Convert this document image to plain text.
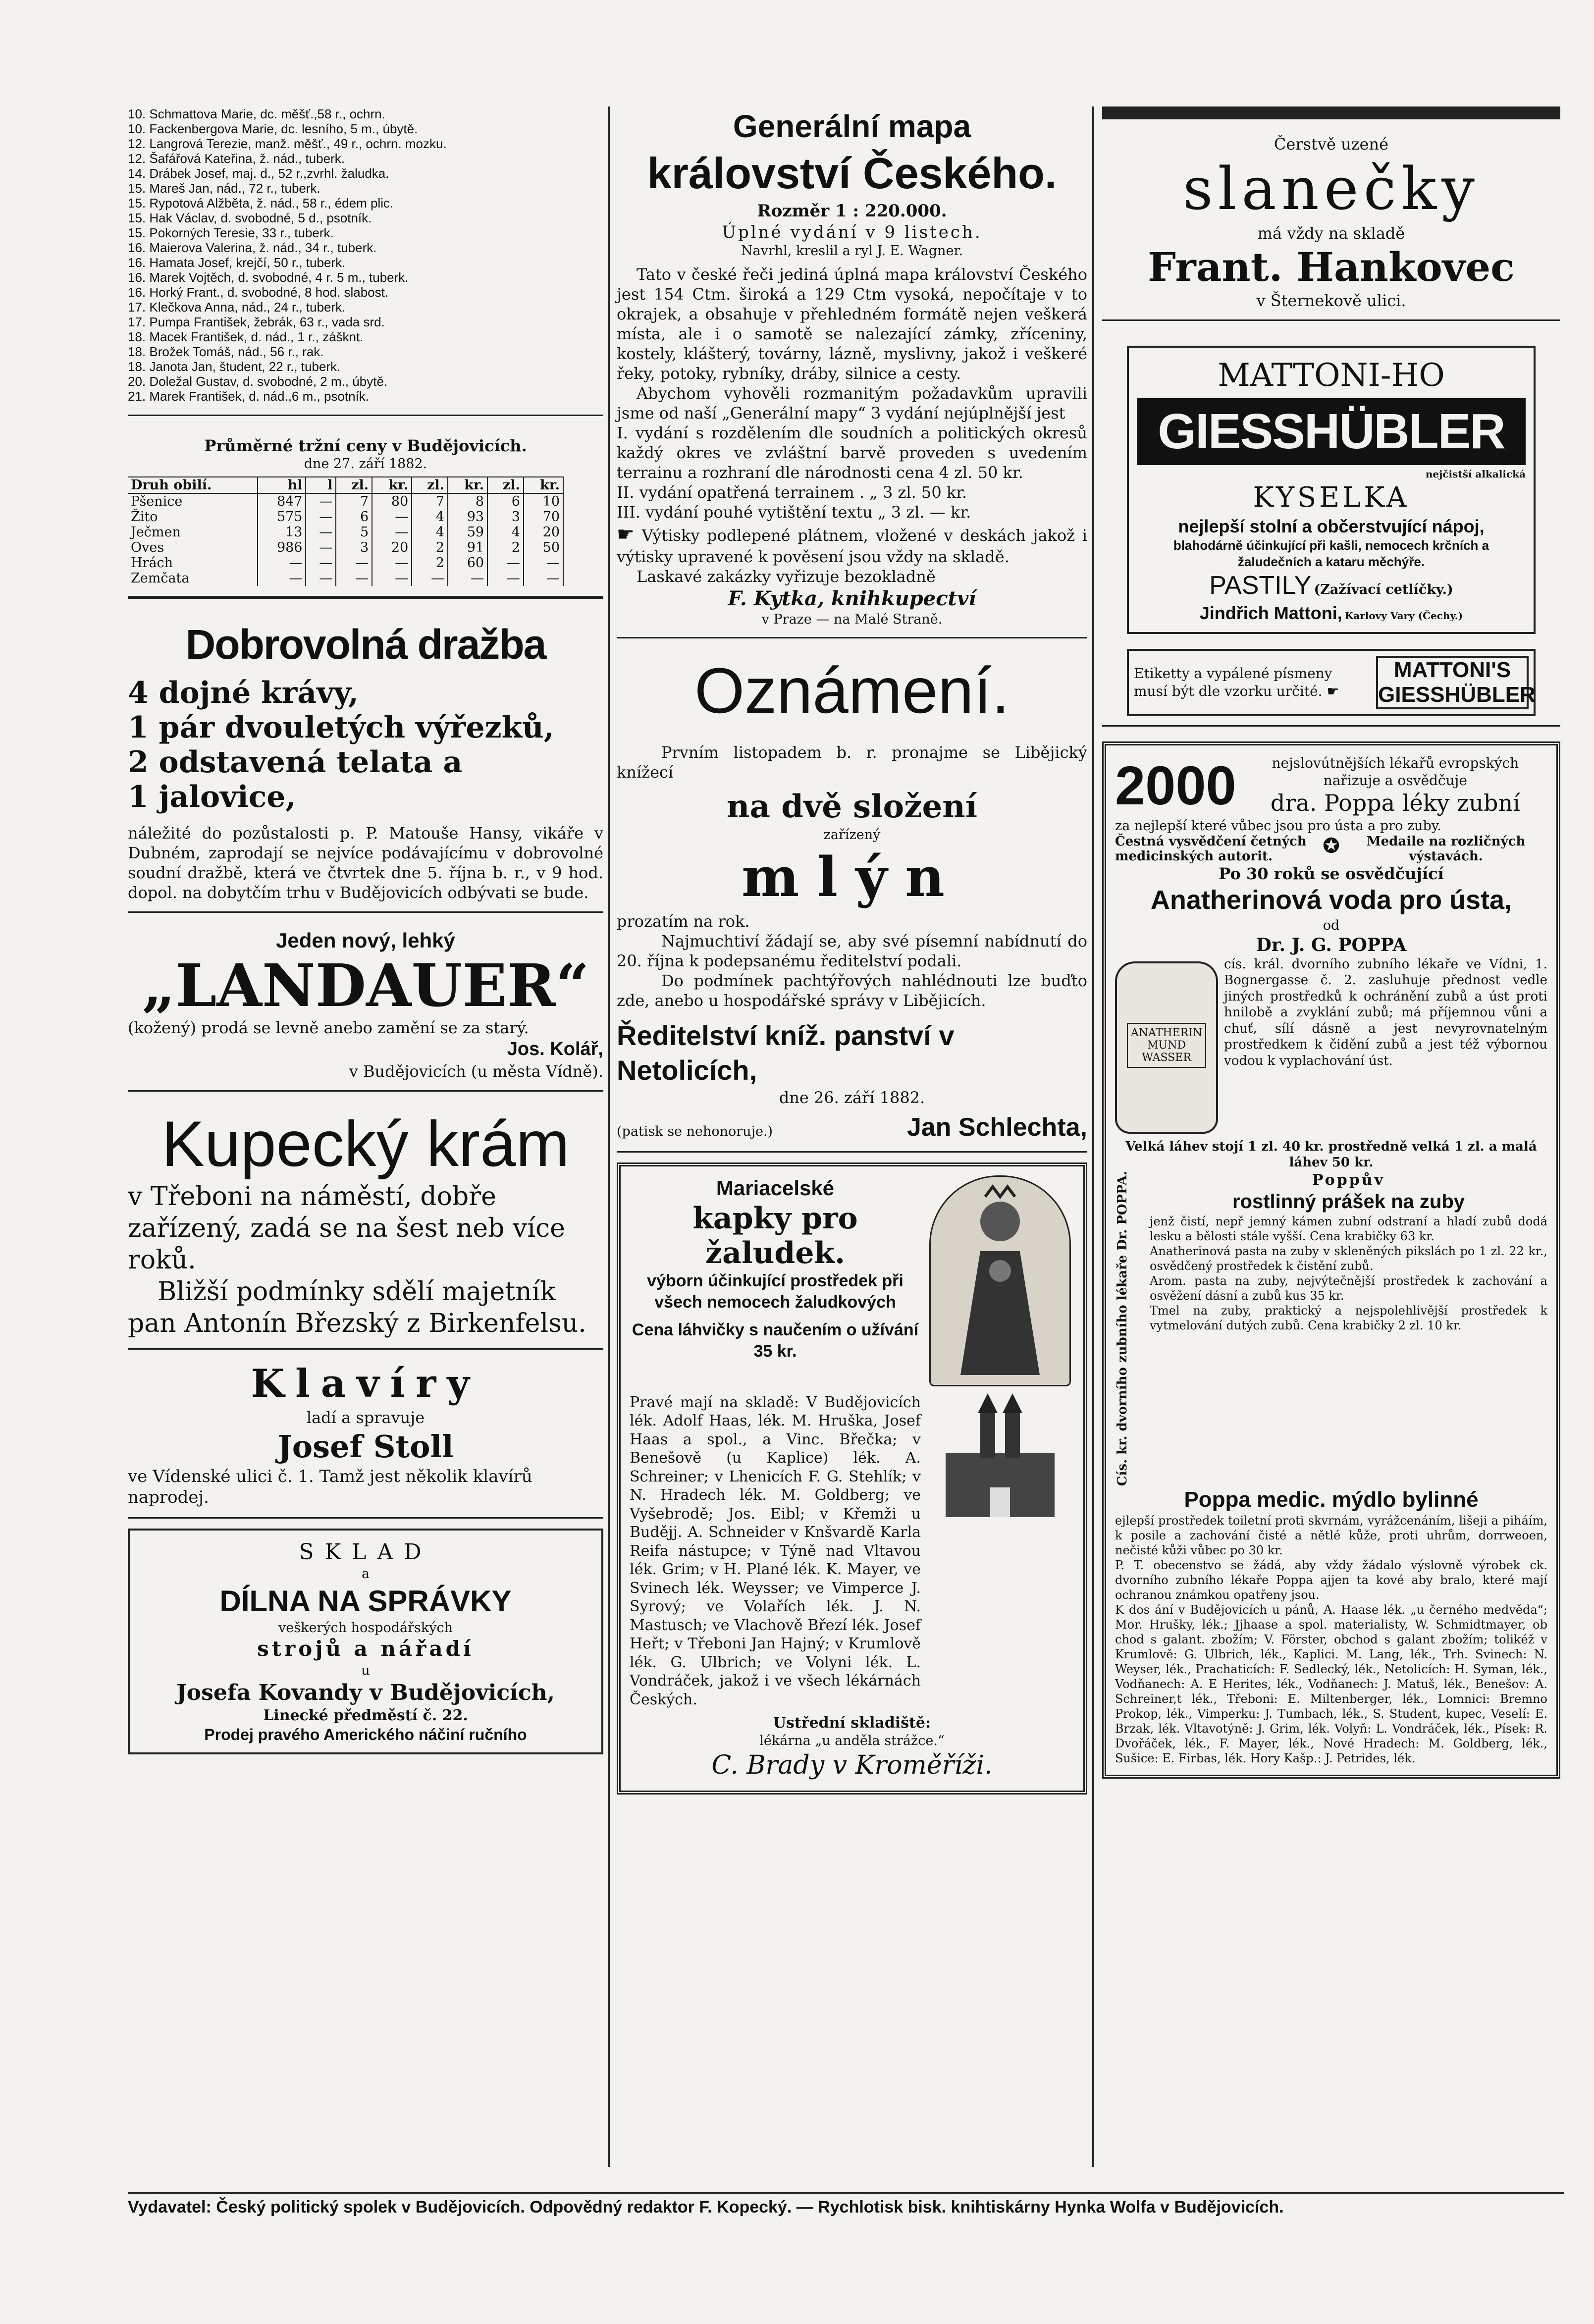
10. Schmattova Marie, dc. měšť.,58 r., ochrn.
10. Fackenbergova Marie, dc. lesního, 5 m., úbytě.
12. Langrová Terezie, manž. měšť., 49 r., ochrn. mozku.
12. Šafářová Kateřina, ž. nád., tuberk.
14. Drábek Josef, maj. d., 52 r.,zvrhl. žaludka.
15. Mareš Jan, nád., 72 r., tuberk.
15. Rypotová Alžběta, ž. nád., 58 r., édem plic.
15. Hak Václav, d. svobodné, 5 d., psotník.
15. Pokorných Teresie, 33 r., tuberk.
16. Maierova Valerina, ž. nád., 34 r., tuberk.
16. Hamata Josef, krejčí, 50 r., tuberk.
16. Marek Vojtěch, d. svobodné, 4 r. 5 m., tuberk.
16. Horký Frant., d. svobodné, 8 hod. slabost.
17. Klečkova Anna, nád., 24 r., tuberk.
17. Pumpa František, žebrák, 63 r., vada srd.
18. Macek František, d. nád., 1 r., zášknt.
18. Brožek Tomáš, nád., 56 r., rak.
18. Janota Jan, študent, 22 r., tuberk.
20. Doležal Gustav, d. svobodné, 2 m., úbytě.
21. Marek František, d. nád.,6 m., psotník.

Průměrné tržní ceny v Budějovicích.

dne 27. září 1882.

Druh obilí.	hl	l	zl.	kr.	zl.	kr.	zl.	kr.
Pšenice	847	—	7	80	7	8	6	10
Žito	575	—	6	—	4	93	3	70
Ječmen	13	—	5	—	4	59	4	20
Oves	986	—	3	20	2	91	2	50
Hrách	—	—	—	—	2	60	—	—
Zemčata	—	—	—	—	—	—	—	—

Dobrovolná dražba

4 dojné krávy,
1 pár dvouletých výřezků,
2 odstavená telata a
1 jalovice,

náležité do pozůstalosti p. P. Matouše Hansy, vikáře v Dubném, zaprodají se nejvíce podávajícímu v dobrovolné soudní dražbě, která ve čtvrtek dne 5. října b. r., v 9 hod. dopol. na dobytčím trhu v Budějovicích odbývati se bude.

Jeden nový, lehký

„LANDAUER“

(kožený) prodá se levně anebo zamění se za starý.

Jos. Kolář,

v Budějovicích (u města Vídně).

Kupecký krám

v Třeboni na náměstí, dobře zařízený, zadá se na šest neb více roků.

Bližší podmínky sdělí majetník pan Antonín Březský z Birkenfelsu.

Klavíry

ladí a spravuje

Josef Stoll

ve Vídenské ulici č. 1. Tamž jest několik klavírů naprodej.

SKLAD

a

DÍLNA NA SPRÁVKY

veškerých hospodářských

strojů a nářadí

u

Josefa Kovandy v Budějovicích,

Linecké předměstí č. 22.

Prodej pravého Amerického náčiní ručního

Generální mapa

království Českého.

Rozměr 1 : 220.000.

Úplné vydání v 9 listech.

Navrhl, kreslil a ryl J. E. Wagner.

Tato v české řeči jediná úplná mapa království Českého jest 154 Ctm. široká a 129 Ctm vysoká, nepočítaje v to okrajek, a obsahuje v přehledném formátě nejen veškerá místa, ale i o samotě se nalezající zámky, zříceniny, kostely, klášterý, továrny, lázně, myslivny, jakož i veškeré řeky, potoky, rybníky, dráby, silnice a cesty.

Abychom vyhověli rozmanitým požadavkům upravili jsme od naší „Generální mapy“ 3 vydání nejúplnější jest

I. vydání s rozdělením dle soudních a politických okresů každý okres ve zvláštní barvě proveden s uvedením terrainu a rozhraní dle národnosti cena 4 zl. 50 kr.

II. vydání opatřená terrainem . „ 3 zl. 50 kr.

III. vydání pouhé vytištění textu „ 3 zl. — kr.

☛ Výtisky podlepené plátnem, vložené v deskách jakož i výtisky upravené k pověsení jsou vždy na skladě.

Laskavé zakázky vyřizuje bezokladně

F. Kytka, knihkupectví

v Praze — na Malé Straně.

Oznámení.

Prvním listopadem b. r. pronajme se Liběјický knížecí

na dvě složení

zařízený

mlýn

prozatím na rok.

Najmuchtiví žádají se, aby své písemní nabídnutí do 20. října k podepsanému ředitelství podali.

Do podmínek pachtýřových nahlédnouti lze buďto zde, anebo u hospodářské správy v Liběјicích.

Ředitelství kníž. panství v Netolicích,

dne 26. září 1882.

(patisk se nehonoruje.)	Jan Schlechta,

Mariacelské

kapky pro žaludek.

výborn účinkující prostředek při všech nemocech žaludkových

Cena láhvičky s naučením o užívání 35 kr.

Pravé mají na skladě: V Budějovicích lék. Adolf Haas, lék. M. Hruška, Josef Haas a spol., a Vinc. Břečka; v Benešově (u Kaplice) lék. A. Schreiner; v Lhenicích F. G. Stehlík; v N. Hradech lék. M. Goldberg; ve Vyšebrodě; Jos. Eibl; v Křemži u Budějj. A. Schneider v Knšvardě Karla Reifa nástupce; v Týně nad Vltavou lék. Grim; v H. Plané lék. K. Mayer, ve Svinech lék. Weysser; ve Vimperce J. Syrový; ve Volařích lék. J. N. Mastusch; ve Vlachově Březí lék. Josef Heřt; v Třeboni Jan Hajný; v Krumlově lék. G. Ulbrich; ve Volyni lék. L. Vondráček, jakož i ve všech lékárnách Českých.

Ustřední skladiště:

lékárna „u anděla strážce.“

C. Brady v Kroměříži.

Čerstvě uzené

slanečky

má vždy na skladě

Frant. Hankovec

v Šternekově ulici.

MATTONI-HO

GIESSHÜBLER

nejčistší alkalická

KYSELKA

nejlepší stolní a občerstvující nápoj,

blahodárně účinkující při kašli, nemocech krčních a žaludečních a kataru měchýře.

PASTILY (Zažívací cetlíčky.)

Jindřich Mattoni, Karlovy Vary (Čechy.)

Etiketty a vypálené písmeny musí být dle vzorku určité. ☛
MATTONI'S GIESSHÜBLER
2000	nejslovútnějších lékařů evropských nařizuje a osvědčuje

dra. Poppa léky zubní

za nejlepší které vůbec jsou pro ústa a pro zuby.

Čestná vysvědčení četných medicinských autorit.	✪	Medaile na rozličných výstavách.

Po 30 roků se osvědčující

Anatherinová voda pro ústa,

od

Dr. J. G. POPPA

ANATHERIN MUND WASSER

cís. král. dvorního zubního lékaře ve Vídni, 1. Bognergasse č. 2. zasluhuje přednost vedle jiných prostředků k ochránění zubů a úst proti hnilobě a zvyklání zubů; má příjemnou vůni a chuť, sílí dásně a jest nevyrovnatelným prostředkem k čidění zubů a jest též výbornou vodou k vyplachování úst.

Velká láhev stojí 1 zl. 40 kr. prostředně velká 1 zl. a malá láhev 50 kr.

Cís. kr. dvorního zubního lékaře Dr. POPPA.	Poppův

rostlinný prášek na zuby

jenž čistí, nepř jemný kámen zubní odstraní a hladí zubů dodá lesku a bělosti stále vyšší. Cena krabičky 63 kr.

Anatherinová pasta na zuby v skleněných pikslách po 1 zl. 22 kr., osvědčený prostředek k čistění zubů.

Arom. pasta na zuby, nejvýtečnější prostředek k zachování a osvěžení dásní a zubů kus 35 kr.

Tmel na zuby, praktický a nejspolehlivější prostředek k vytmelování dutých zubů. Cena krabičky 2 zl. 10 kr.

Poppa medic. mýdlo bylinné

ejlepší prostředek toiletní proti skvrnám, vyrážcenáním, lišeji a piháím, k posile a zachování čisté a nětlé kůže, proti uhrům, dorrweoen, nečisté kůži vůbec po 30 kr.

P. T. obecenstvo se žádá, aby vždy žádalo výslovně výrobek ck. dvorního zubního lékaře Poppa ajjen ta kové aby bralo, které mají ochranou známkou opatřeny jsou.

K dos ání v Budějovicích u pánů, A. Haase lék. „u černého medvěda“; Mor. Hrušky, lék.; Jjhaase a spol. materialisty, W. Schmidtmayer, ob chod s galant. zbožím; V. Förster, obchod s galant zbožím; tolikéž v Krumlově: G. Ulbrich, lék., Kaplici. M. Lang, lék., Trh. Svinech: N. Weyser, lék., Prachaticích: F. Sedlecký, lék., Netolicích: H. Syman, lék., Vodňanech: A. E Herites, lék., Vodňanech: J. Matuš, lék., Benešov: A. Schreiner,t lék., Třeboni: E. Miltenberger, lék., Lomnici: Bremno Prokop, lék., Vimperku: J. Tumbach, lék., S. Student, kupec, Veselí: E. Brzak, lék. Vltavotýně: J. Grim, lék. Volyň: L. Vondráček, lék., Písek: R. Dvořáček, lék., F. Mayer, lék., Nové Hradech: M. Goldberg, lék., Sušice: E. Firbas, lék. Hory Kašp.: J. Petrides, lék.

Vydavatel: Český politický spolek v Budějovicích. Odpovědný redaktor F. Kopecký. — Rychlotisk bisk. knihtiskárny Hynka Wolfa v Budějovicích.
